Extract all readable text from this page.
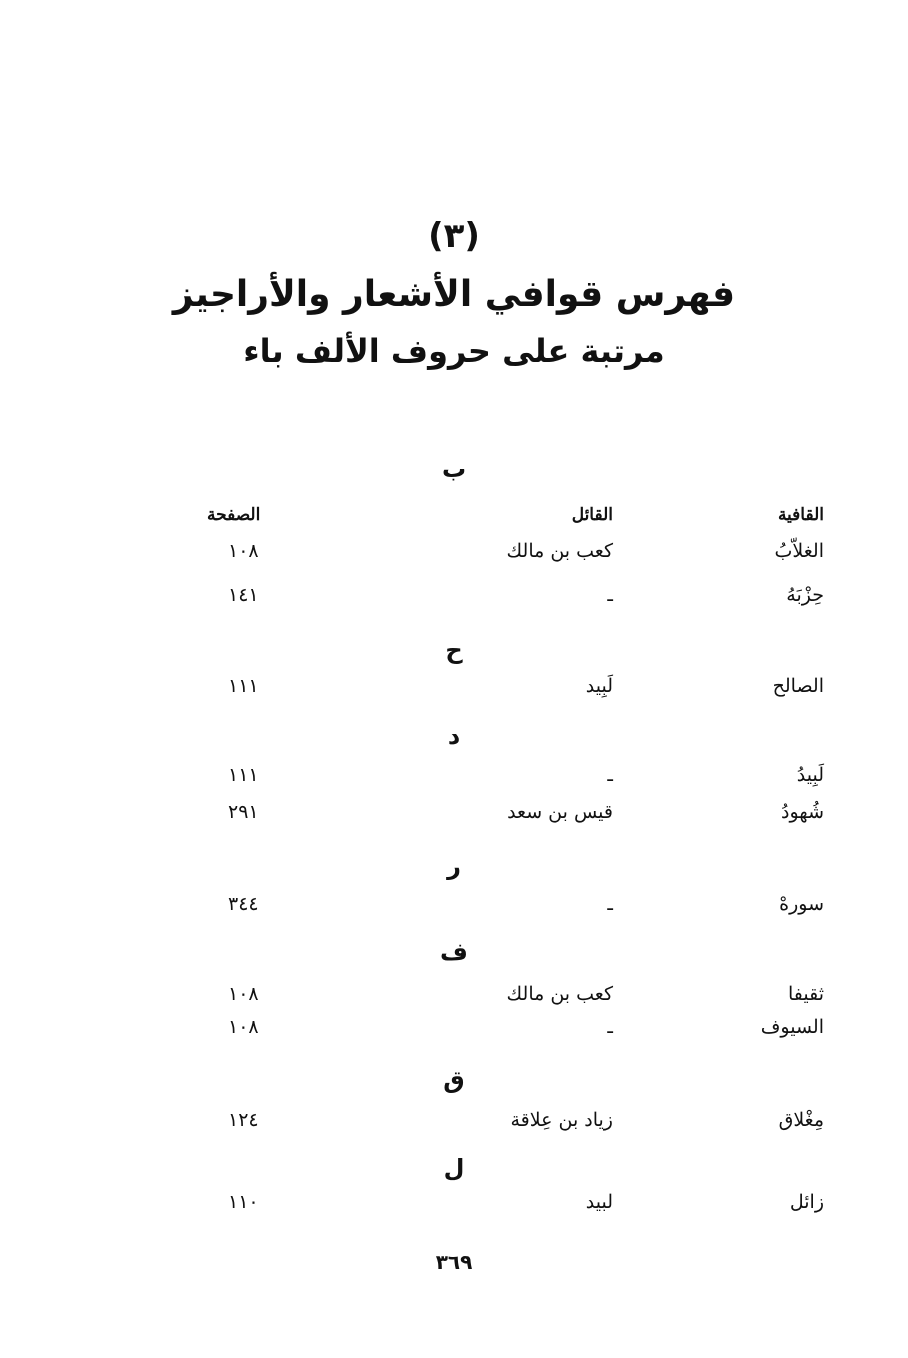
(٣)
فهرس قوافي الأشعار والأراجيز
مرتبة على حروف الألف باء
القافية
القائل
الصفحة
ب
الغلاّبُ
كعب بن مالك
١٠٨
حِزْبَهُ
ـ
١٤١
ح
الصالح
لَبِيد
١١١
د
لَبِيدُ
ـ
١١١
شُهودُ
قيس بن سعد
٢٩١
ر
سورهْ
ـ
٣٤٤
ف
ثقيفا
كعب بن مالك
١٠٨
السيوف
ـ
١٠٨
ق
مِغْلاق
زياد بن عِلاقة
١٢٤
ل
زائل
لبيد
١١٠
٣٦٩
